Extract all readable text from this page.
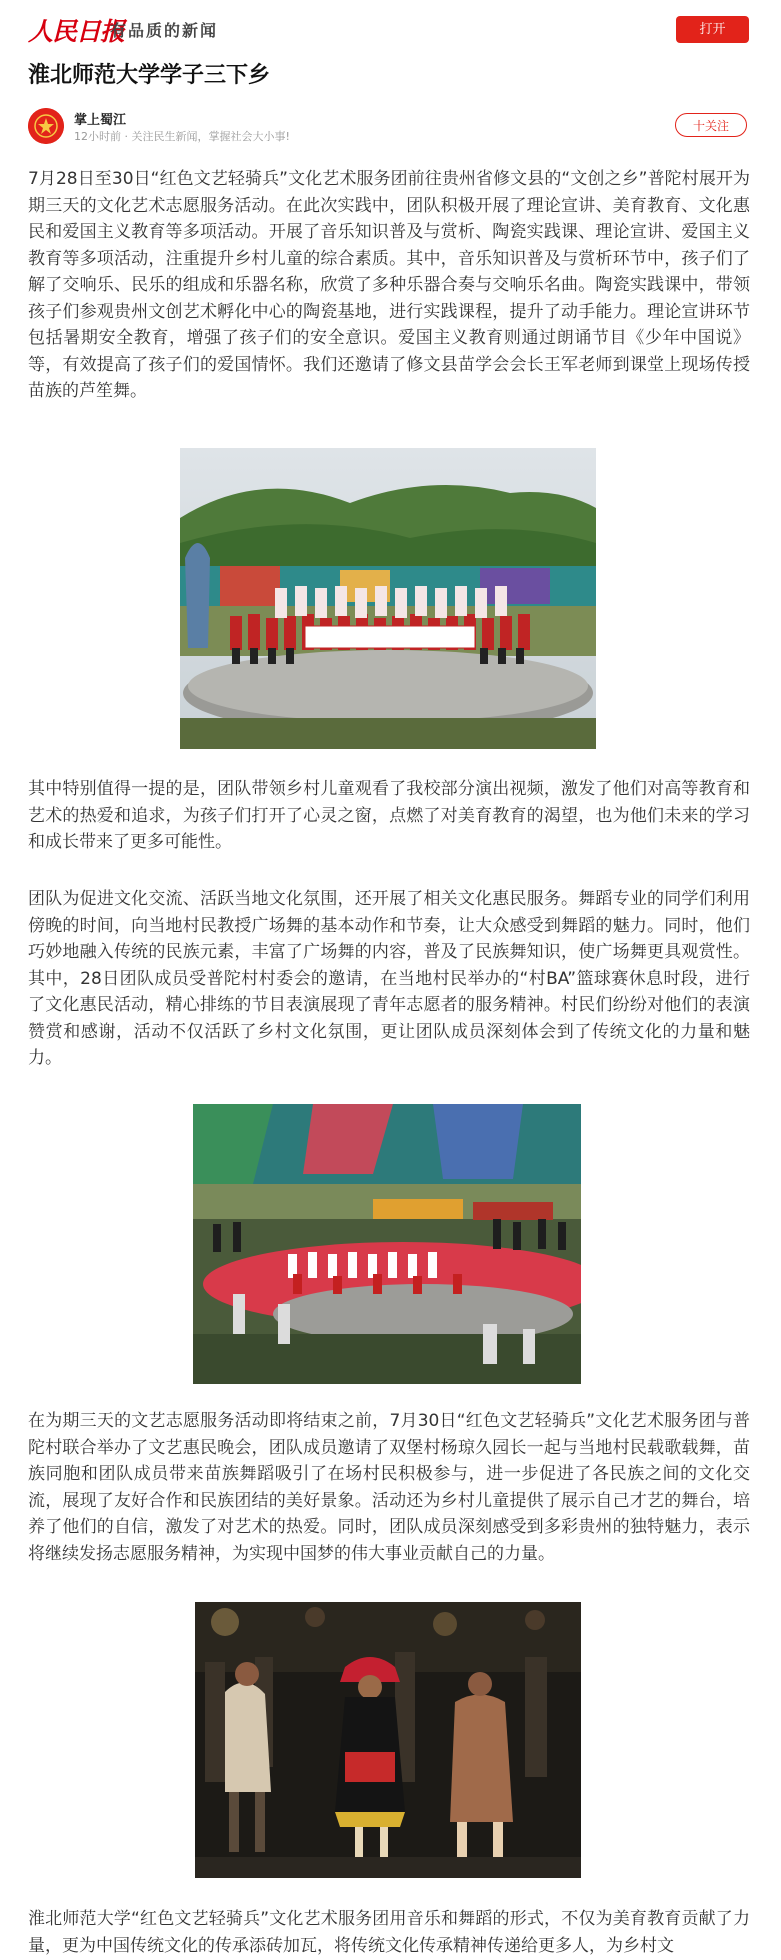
人民日报
有品质的新闻	打开
淮北师范大学学子三下乡
掌上蜀江
12小时前 · 关注民生新闻，掌握社会大小事!
十关注

7月28日至30日“红色文艺轻骑兵”文化艺术服务团前往贵州省修文县的“文创之乡”普陀村展开为期三天的文化艺术志愿服务活动。在此次实践中，团队积极开展了理论宣讲、美育教育、文化惠民和爱国主义教育等多项活动。开展了音乐知识普及与赏析、陶瓷实践课、理论宣讲、爱国主义教育等多项活动，注重提升乡村儿童的综合素质。其中，音乐知识普及与赏析环节中，孩子们了解了交响乐、民乐的组成和乐器名称，欣赏了多种乐器合奏与交响乐名曲。陶瓷实践课中，带领孩子们参观贵州文创艺术孵化中心的陶瓷基地，进行实践课程，提升了动手能力。理论宣讲环节包括暑期安全教育，增强了孩子们的安全意识。爱国主义教育则通过朗诵节目《少年中国说》等，有效提高了孩子们的爱国情怀。我们还邀请了修文县苗学会会长王军老师到课堂上现场传授苗族的芦笙舞。

其中特别值得一提的是，团队带领乡村儿童观看了我校部分演出视频，激发了他们对高等教育和艺术的热爱和追求，为孩子们打开了心灵之窗，点燃了对美育教育的渴望，也为他们未来的学习和成长带来了更多可能性。

团队为促进文化交流、活跃当地文化氛围，还开展了相关文化惠民服务。舞蹈专业的同学们利用傍晚的时间，向当地村民教授广场舞的基本动作和节奏，让大众感受到舞蹈的魅力。同时，他们巧妙地融入传统的民族元素，丰富了广场舞的内容，普及了民族舞知识，使广场舞更具观赏性。其中，28日团队成员受普陀村村委会的邀请，在当地村民举办的“村BA”篮球赛休息时段，进行了文化惠民活动，精心排练的节目表演展现了青年志愿者的服务精神。村民们纷纷对他们的表演赞赏和感谢，活动不仅活跃了乡村文化氛围，更让团队成员深刻体会到了传统文化的力量和魅力。

在为期三天的文艺志愿服务活动即将结束之前，7月30日“红色文艺轻骑兵”文化艺术服务团与普陀村联合举办了文艺惠民晚会，团队成员邀请了双堡村杨琼久园长一起与当地村民载歌载舞，苗族同胞和团队成员带来苗族舞蹈吸引了在场村民积极参与，进一步促进了各民族之间的文化交流，展现了友好合作和民族团结的美好景象。活动还为乡村儿童提供了展示自己才艺的舞台，培养了他们的自信，激发了对艺术的热爱。同时，团队成员深刻感受到多彩贵州的独特魅力，表示将继续发扬志愿服务精神，为实现中国梦的伟大事业贡献自己的力量。

淮北师范大学“红色文艺轻骑兵”文化艺术服务团用音乐和舞蹈的形式，不仅为美育教育贡献了力量，更为中国传统文化的传承添砖加瓦，将传统文化传承精神传递给更多人，为乡村文
